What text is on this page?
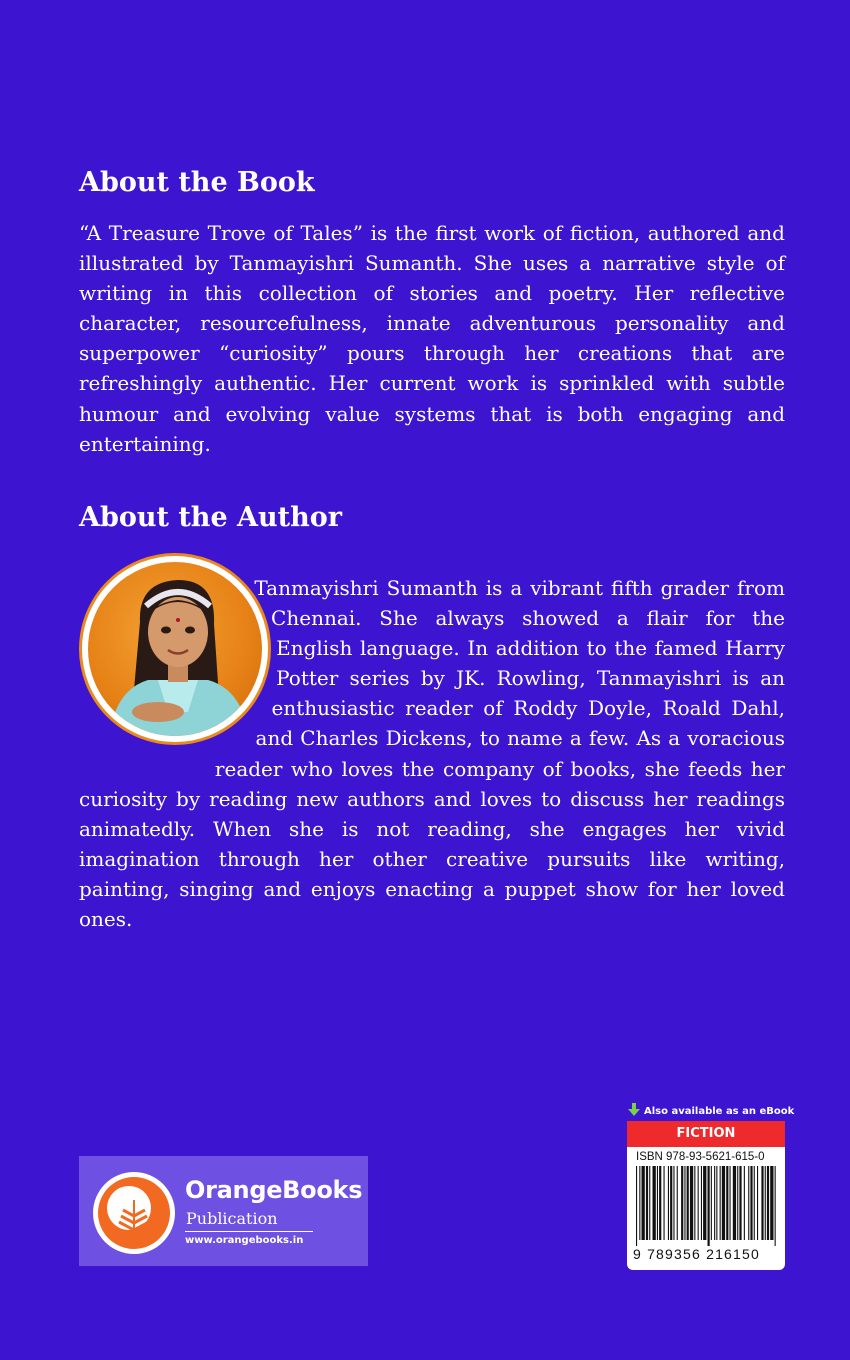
About the Book

“A Treasure Trove of Tales” is the first work of fiction, authored and illustrated by Tanmayishri Sumanth. She uses a narrative style of writing in this collection of stories and poetry. Her reflective character, resourcefulness, innate adventurous personality and superpower “curiosity” pours through her creations that are refreshingly authentic. Her current work is sprinkled with subtle humour and evolving value systems that is both engaging and entertaining.

About the Author

Tanmayishri Sumanth is a vibrant fifth grader from Chennai. She always showed a flair for the English language. In addition to the famed Harry Potter series by JK. Rowling, Tanmayishri is an enthusiastic reader of Roddy Doyle, Roald Dahl, and Charles Dickens, to name a few. As a voracious reader who loves the company of books, she feeds her curiosity by reading new authors and loves to discuss her readings animatedly. When she is not reading, she engages her vivid imagination through her other creative pursuits like writing, painting, singing and enjoys enacting a puppet show for her loved ones.

OrangeBooks
Publication
www.orangebooks.in
Also available as an eBook
FICTION
ISBN 978-93-5621-615-0
9 789356 216150
